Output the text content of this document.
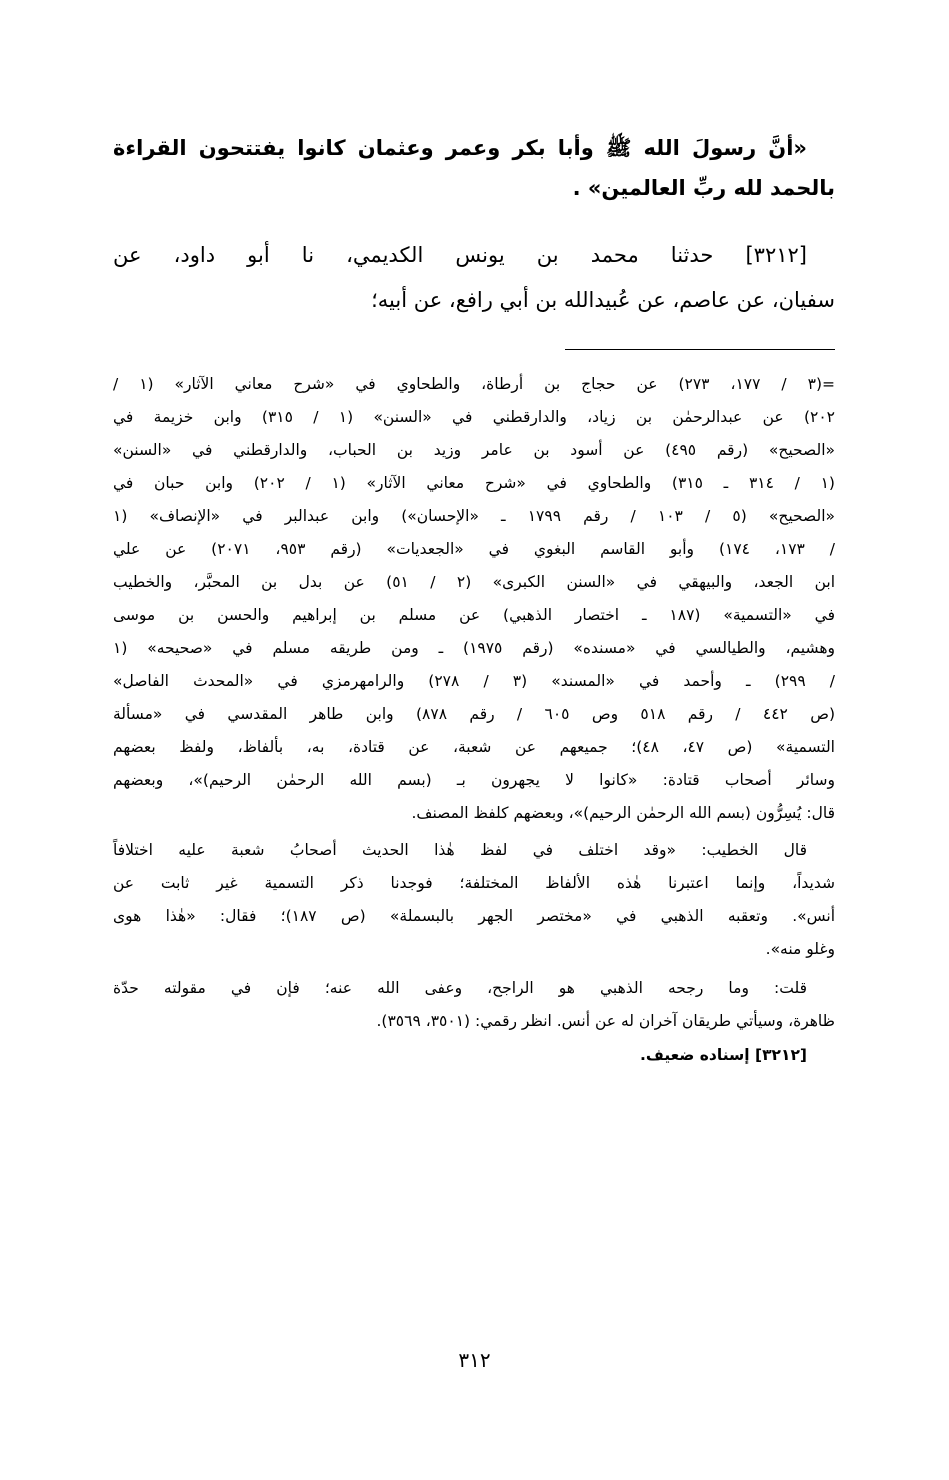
«أنَّ رسولَ الله ﷺ وأبا بكر وعمر وعثمان كانوا يفتتحون القراءة
بالحمد لله ربِّ العالمين» .
[٣٢١٢] حدثنا محمد بن يونس الكديمي، نا أبو داود، عن
سفيان، عن عاصم، عن عُبيدالله بن أبي رافع، عن أبيه؛
=(٣ / ١٧٧، ٢٧٣) عن حجاج بن أرطاة، والطحاوي في «شرح معاني الآثار» (١ /
٢٠٢) عن عبدالرحمٰن بن زياد، والدارقطني في «السنن» (١ / ٣١٥) وابن خزيمة في
«الصحيح» (رقم ٤٩٥) عن أسود بن عامر وزيد بن الحباب، والدارقطني في «السنن»
(١ / ٣١٤ ـ ٣١٥) والطحاوي في «شرح معاني الآثار» (١ / ٢٠٢) وابن حبان في
«الصحيح» (٥ / ١٠٣ / رقم ١٧٩٩ ـ «الإحسان») وابن عبدالبر في «الإنصاف» (١
/ ١٧٣، ١٧٤) وأبو القاسم البغوي في «الجعديات» (رقم ٩٥٣، ٢٠٧١) عن علي
ابن الجعد، والبيهقي في «السنن الكبرى» (٢ / ٥١) عن بدل بن المحبَّر، والخطيب
في «التسمية» (١٨٧ ـ اختصار الذهبي) عن مسلم بن إبراهيم والحسن بن موسى
وهشيم، والطيالسي في «مسنده» (رقم ١٩٧٥) ـ ومن طريقه مسلم في «صحيحه» (١
/ ٢٩٩) ـ وأحمد في «المسند» (٣ / ٢٧٨) والرامهرمزي في «المحدث الفاصل»
(ص ٤٤٢ / رقم ٥١٨ وص ٦٠٥ / رقم ٨٧٨) وابن طاهر المقدسي في «مسألة
التسمية» (ص ٤٧، ٤٨)؛ جميعهم عن شعبة، عن قتادة، به، بألفاظ، ولفظ بعضهم
وسائر أصحاب قتادة: «كانوا لا يجهرون بـ (بسم الله الرحمٰن الرحيم)»، وبعضهم
قال: يُسِرُّون (بسم الله الرحمٰن الرحيم)»، وبعضهم كلفظ المصنف.
قال الخطيب: «وقد اختلف في لفظ هٰذا الحديث أصحابُ شعبة عليه اختلافاً
شديداً، وإنما اعتبرنا هٰذه الألفاظ المختلفة؛ فوجدنا ذكر التسمية غير ثابت عن
أنس». وتعقبه الذهبي في «مختصر الجهر بالبسملة» (ص ١٨٧)؛ فقال: «هٰذا هوى
وغلو منه».
قلت: وما رجحه الذهبي هو الراجح، وعفى الله عنه؛ فإن في مقولته حدّة
ظاهرة، وسيأتي طريقان آخران له عن أنس. انظر رقمي: (٣٥٠١، ٣٥٦٩).
[٣٢١٢] إسناده ضعيف.
٣١٢
